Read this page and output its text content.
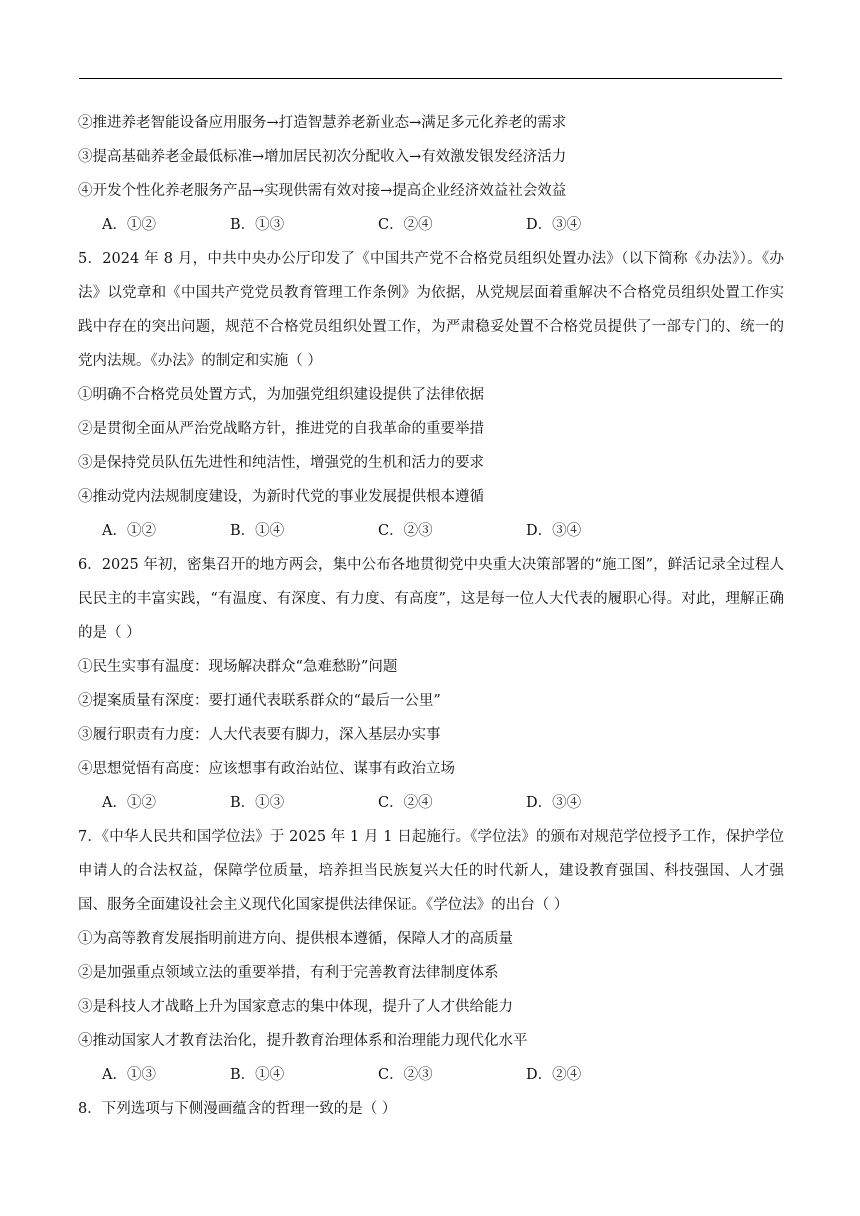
②推进养老智能设备应用服务→打造智慧养老新业态→满足多元化养老的需求
③提高基础养老金最低标准→增加居民初次分配收入→有效激发银发经济活力
④开发个性化养老服务产品→实现供需有效对接→提高企业经济效益社会效益
A．①②	B．①③	C．②④	D．③④
5．2024 年 8 月，中共中央办公厅印发了《中国共产党不合格党员组织处置办法》（以下简称《办法》）。《办法》以党章和《中国共产党党员教育管理工作条例》为依据，从党规层面着重解决不合格党员组织处置工作实践中存在的突出问题，规范不合格党员组织处置工作，为严肃稳妥处置不合格党员提供了一部专门的、统一的党内法规。《办法》的制定和实施（ ）
①明确不合格党员处置方式，为加强党组织建设提供了法律依据
②是贯彻全面从严治党战略方针，推进党的自我革命的重要举措
③是保持党员队伍先进性和纯洁性，增强党的生机和活力的要求
④推动党内法规制度建设，为新时代党的事业发展提供根本遵循
A．①②	B．①④	C．②③	D．③④
6．2025 年初，密集召开的地方两会，集中公布各地贯彻党中央重大决策部署的“施工图”，鲜活记录全过程人民民主的丰富实践，“有温度、有深度、有力度、有高度”，这是每一位人大代表的履职心得。对此，理解正确的是（ ）
①民生实事有温度：现场解决群众“急难愁盼”问题
②提案质量有深度：要打通代表联系群众的“最后一公里”
③履行职责有力度：人大代表要有脚力，深入基层办实事
④思想觉悟有高度：应该想事有政治站位、谋事有政治立场
A．①②	B．①③	C．②④	D．③④
7．《中华人民共和国学位法》于 2025 年 1 月 1 日起施行。《学位法》的颁布对规范学位授予工作，保护学位申请人的合法权益，保障学位质量，培养担当民族复兴大任的时代新人，建设教育强国、科技强国、人才强国、服务全面建设社会主义现代化国家提供法律保证。《学位法》的出台（ ）
①为高等教育发展指明前进方向、提供根本遵循，保障人才的高质量
②是加强重点领域立法的重要举措，有利于完善教育法律制度体系
③是科技人才战略上升为国家意志的集中体现，提升了人才供给能力
④推动国家人才教育法治化，提升教育治理体系和治理能力现代化水平
A．①③	B．①④	C．②③	D．②④
8．下列选项与下侧漫画蕴含的哲理一致的是（ ）
